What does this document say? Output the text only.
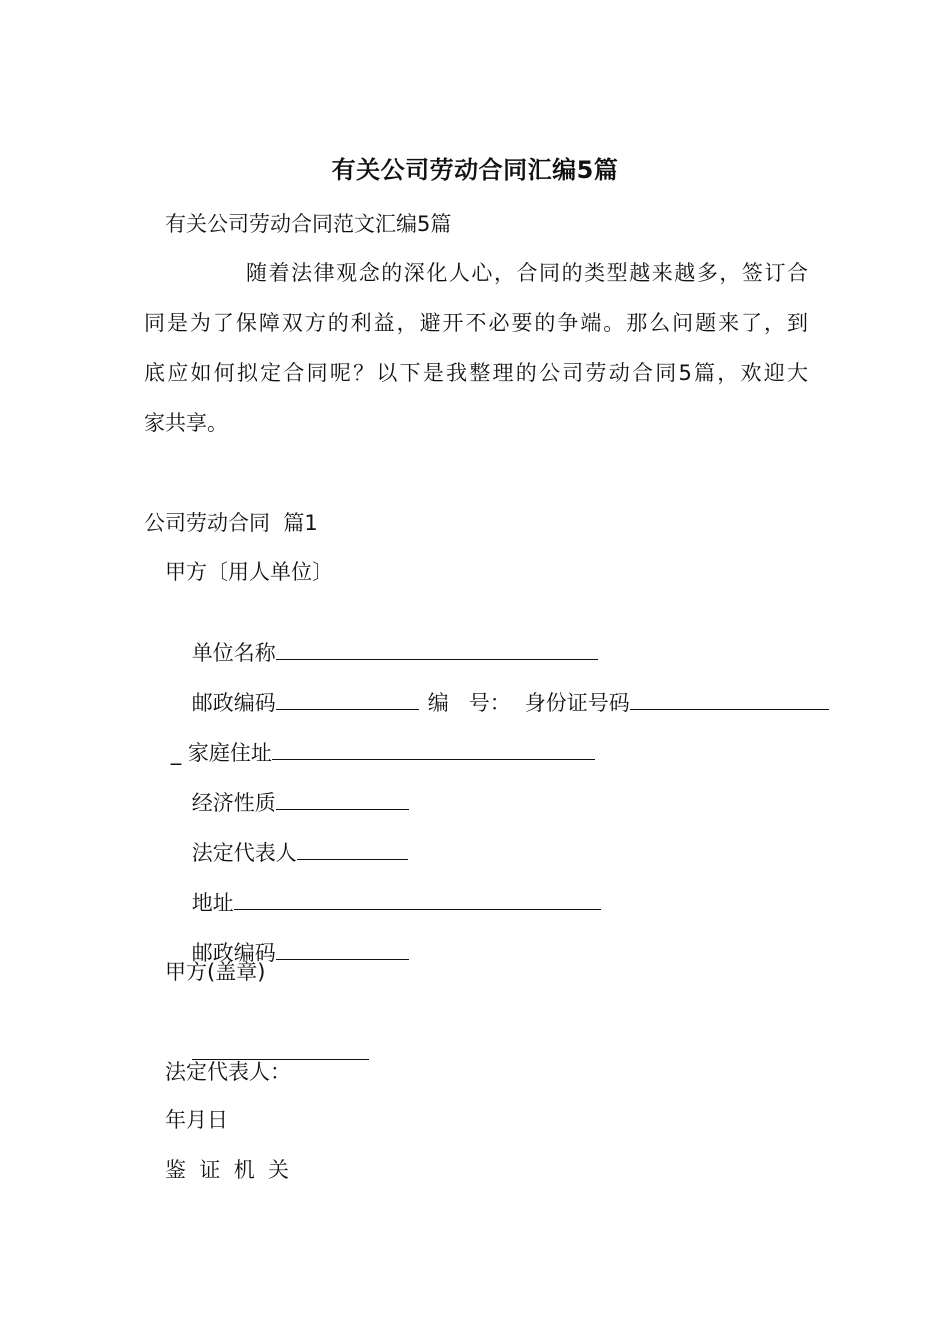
有关公司劳动合同汇编5篇
有关公司劳动合同范文汇编5篇
随着法律观念的深化人心，合同的类型越来越多，签订合
同是为了保障双方的利益，避开不必要的争端。那么问题来了，到
底应如何拟定合同呢？以下是我整理的公司劳动合同5篇，欢迎大
家共享。
公司劳动合同  篇1
甲方〔用人单位〕

单位名称

邮政编码	编   号： 身份证号码

_ 家庭住址

经济性质

法定代表人

地址

邮政编码

甲方(盖章)

法定代表人：
年月日
鉴  证  机  关
